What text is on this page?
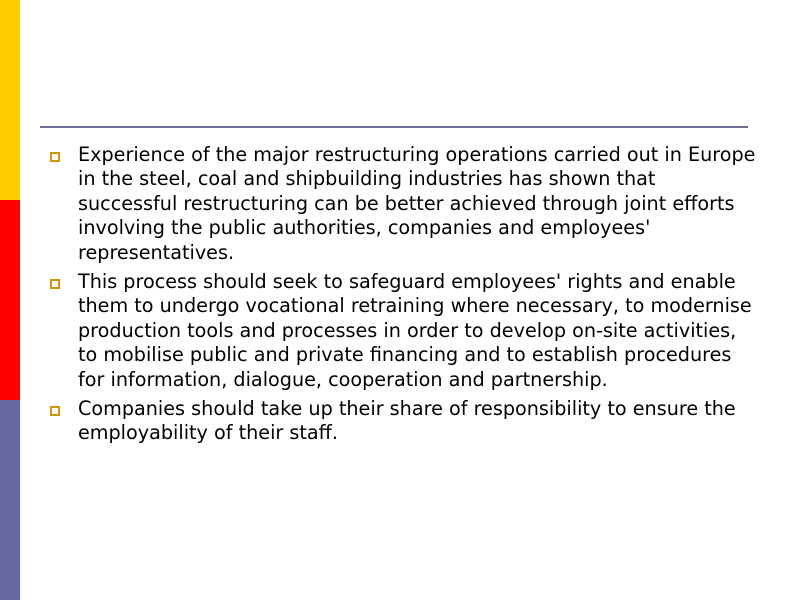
Experience of the major restructuring operations carried out in Europe in the steel, coal and shipbuilding industries has shown that successful restructuring can be better achieved through joint efforts involving the public authorities, companies and employees' representatives.
This process should seek to safeguard employees' rights and enable them to undergo vocational retraining where necessary, to modernise production tools and processes in order to develop on-site activities, to mobilise public and private financing and to establish procedures for information, dialogue, cooperation and partnership.
Companies should take up their share of responsibility to ensure the employability of their staff.
